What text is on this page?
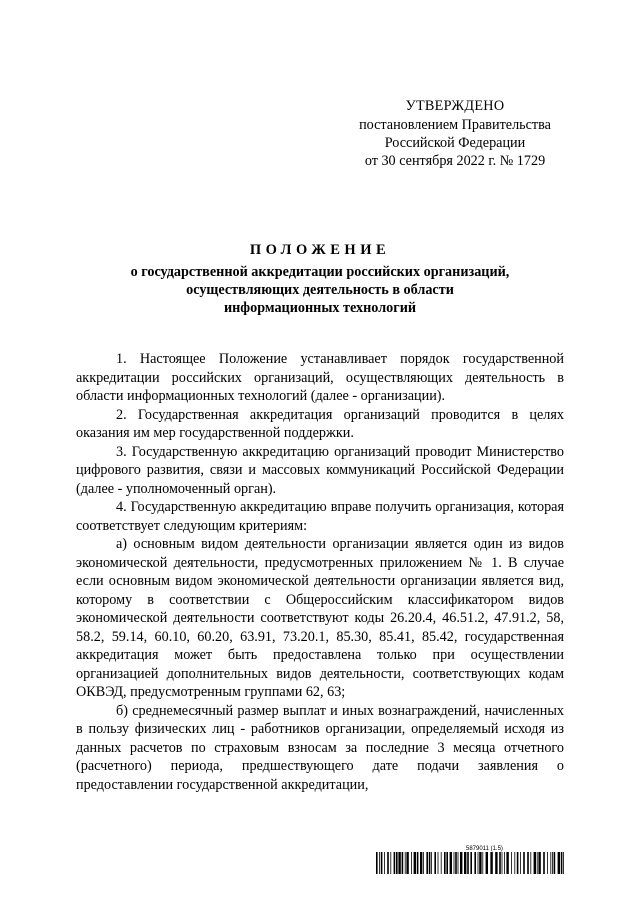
УТВЕРЖДЕНО
постановлением Правительства
Российской Федерации
от 30 сентября 2022 г. № 1729
ПОЛОЖЕНИЕ
о государственной аккредитации российских организаций,
осуществляющих деятельность в области
информационных технологий

1. Настоящее Положение устанавливает порядок государственной аккредитации российских организаций, осуществляющих деятельность в области информационных технологий (далее - организации).

2. Государственная аккредитация организаций проводится в целях оказания им мер государственной поддержки.

3. Государственную аккредитацию организаций проводит Министерство цифрового развития, связи и массовых коммуникаций Российской Федерации (далее - уполномоченный орган).

4. Государственную аккредитацию вправе получить организация, которая соответствует следующим критериям:

а) основным видом деятельности организации является один из видов экономической деятельности, предусмотренных приложением № 1. В случае если основным видом экономической деятельности организации является вид, которому в соответствии с Общероссийским классификатором видов экономической деятельности соответствуют коды 26.20.4, 46.51.2, 47.91.2, 58, 58.2, 59.14, 60.10, 60.20, 63.91, 73.20.1, 85.30, 85.41, 85.42, государственная аккредитация может быть предоставлена только при осуществлении организацией дополнительных видов деятельности, соответствующих кодам ОКВЭД, предусмотренным группами 62, 63;

б) среднемесячный размер выплат и иных вознаграждений, начисленных в пользу физических лиц - работников организации, определяемый исходя из данных расчетов по страховым взносам за последние 3 месяца отчетного (расчетного) периода, предшествующего дате подачи заявления о предоставлении государственной аккредитации,

5879011 (1.5)
